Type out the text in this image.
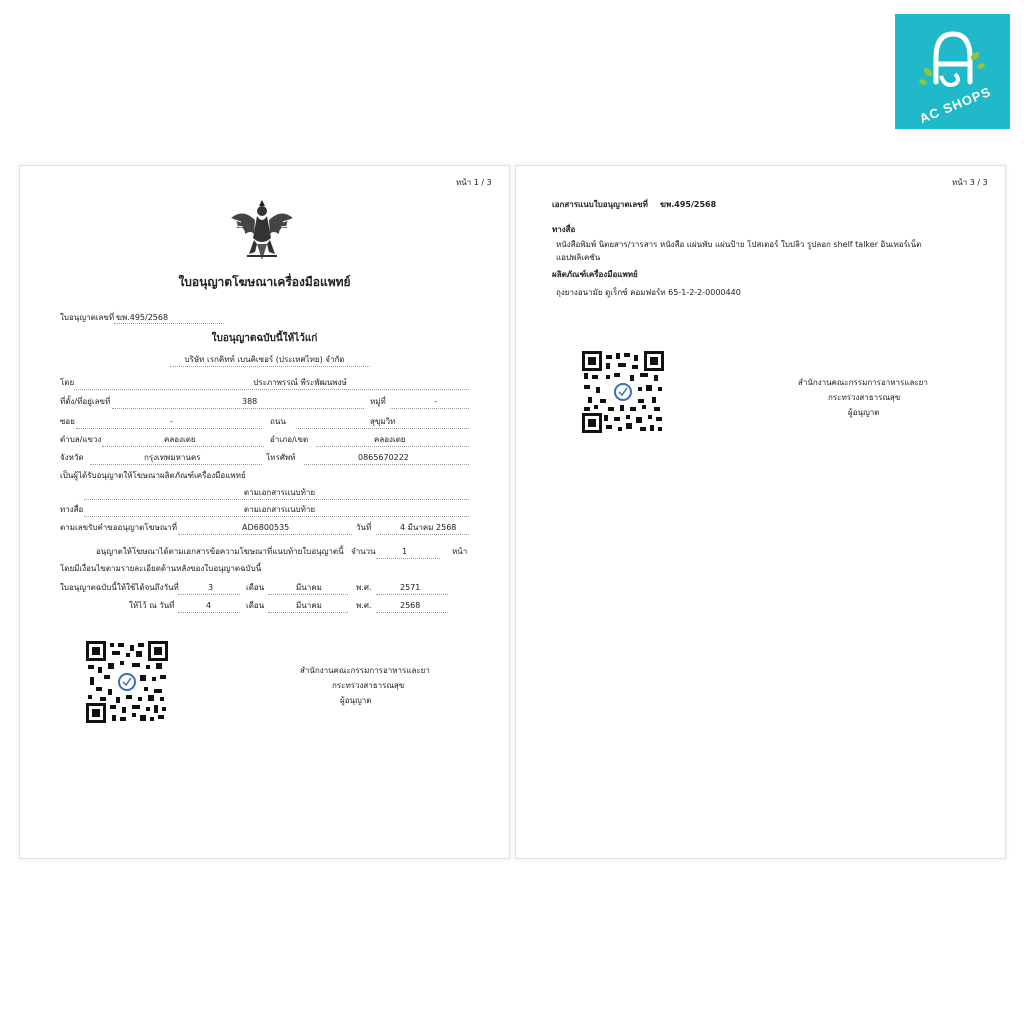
AC SHOPS
หน้า 1 / 3
ใบอนุญาตโฆษณาเครื่องมือแพทย์
ใบอนุญาตเลขที่ ฆพ.495/2568
ใบอนุญาตฉบับนี้ให้ไว้แก่
บริษัท เรกคิทท์ เบนคิเซอร์ (ประเทศไทย) จำกัด
โดย	ประภาพรรณ์ พีระพัฒนพงษ์
ที่ตั้ง/ที่อยู่เลขที่	388	หมู่ที่	-
ซอย	-	ถนน	สุขุมวิท
ตำบล/แขวง	คลองเตย	อำเภอ/เขต	คลองเตย
จังหวัด	กรุงเทพมหานคร	โทรศัพท์	0865670222
เป็นผู้ได้รับอนุญาตให้โฆษณาผลิตภัณฑ์เครื่องมือแพทย์
ตามเอกสารแนบท้าย
ทางสื่อ	ตามเอกสารแนบท้าย
ตามเลขรับคำขออนุญาตโฆษณาที่	AD6800535	วันที่	4 มีนาคม 2568
อนุญาตให้โฆษณาได้ตามเอกสารข้อความโฆษณาที่แนบท้ายใบอนุญาตนี้ จำนวน	1	หน้า
โดยมีเงื่อนไขตามรายละเอียดด้านหลังของใบอนุญาตฉบับนี้
ใบอนุญาตฉบับนี้ให้ใช้ได้จนถึงวันที่	3	เดือน	มีนาคม	พ.ศ.	2571
ให้ไว้ ณ วันที่	4	เดือน	มีนาคม	พ.ศ.	2568
สำนักงานคณะกรรมการอาหารและยา
กระทรวงสาธารณสุข
ผู้อนุญาต
หน้า 3 / 3
เอกสารแนบใบอนุญาตเลขที่ ฆพ.495/2568
ทางสื่อ
หนังสือพิมพ์ นิตยสาร/วารสาร หนังสือ แผ่นพับ แผ่นป้าย โปสเตอร์ ใบปลิว รูปลอก shelf talker อินเทอร์เน็ต
แอปพลิเคชัน
ผลิตภัณฑ์เครื่องมือแพทย์
ถุงยางอนามัย ดูเร็กซ์ คอมฟอร์ท 65-1-2-2-0000440
สำนักงานคณะกรรมการอาหารและยา
กระทรวงสาธารณสุข
ผู้อนุญาต
